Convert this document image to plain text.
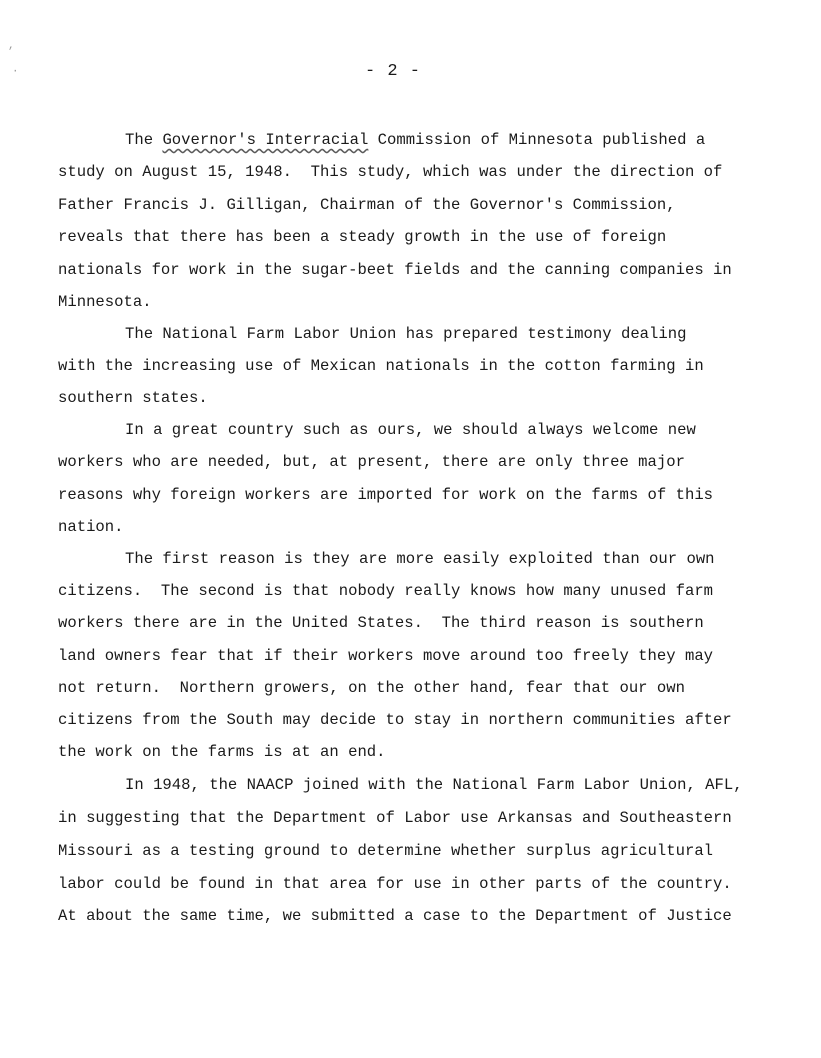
,
·	- 2 -
The Governor's Interracial Commission of Minnesota published a
study on August 15, 1948.  This study, which was under the direction of
Father Francis J. Gilligan, Chairman of the Governor's Commission,
reveals that there has been a steady growth in the use of foreign
nationals for work in the sugar-beet fields and the canning companies in
Minnesota.
The National Farm Labor Union has prepared testimony dealing
with the increasing use of Mexican nationals in the cotton farming in
southern states.
In a great country such as ours, we should always welcome new
workers who are needed, but, at present, there are only three major
reasons why foreign workers are imported for work on the farms of this
nation.
The first reason is they are more easily exploited than our own
citizens.  The second is that nobody really knows how many unused farm
workers there are in the United States.  The third reason is southern
land owners fear that if their workers move around too freely they may
not return.  Northern growers, on the other hand, fear that our own
citizens from the South may decide to stay in northern communities after
the work on the farms is at an end.
In 1948, the NAACP joined with the National Farm Labor Union, AFL,
in suggesting that the Department of Labor use Arkansas and Southeastern
Missouri as a testing ground to determine whether surplus agricultural
labor could be found in that area for use in other parts of the country.
At about the same time, we submitted a case to the Department of Justice
